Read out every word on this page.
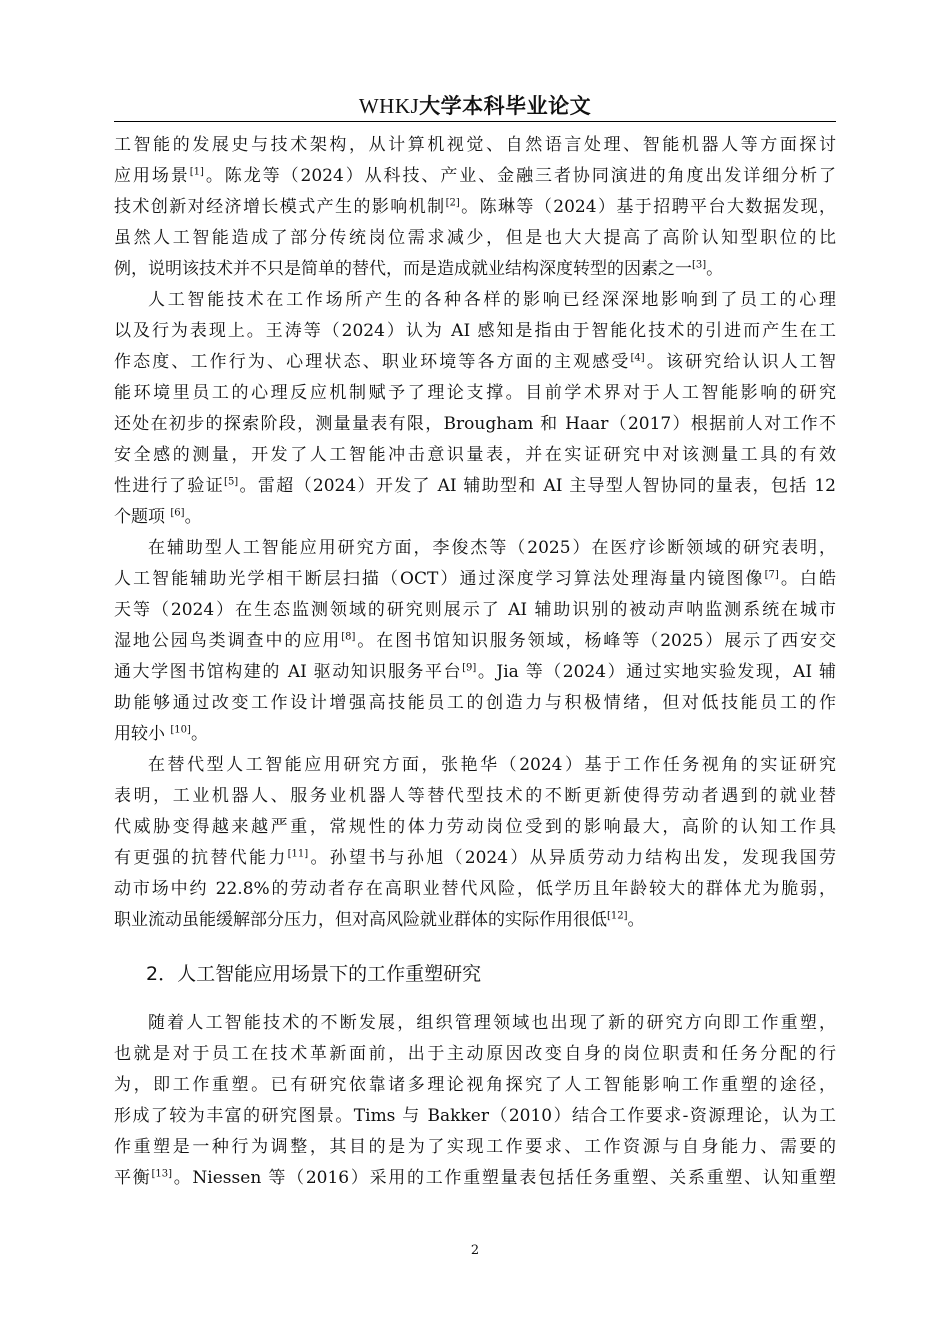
WHKJ大学本科毕业论文

工智能的发展史与技术架构，从计算机视觉、自然语言处理、智能机器人等方面探讨
应用场景[1]。陈龙等（2024）从科技、产业、金融三者协同演进的角度出发详细分析了
技术创新对经济增长模式产生的影响机制[2]。陈琳等（2024）基于招聘平台大数据发现，
虽然人工智能造成了部分传统岗位需求减少，但是也大大提高了高阶认知型职位的比
例，说明该技术并不只是简单的替代，而是造成就业结构深度转型的因素之一[3]。

人工智能技术在工作场所产生的各种各样的影响已经深深地影响到了员工的心理
以及行为表现上。王涛等（2024）认为 AI 感知是指由于智能化技术的引进而产生在工
作态度、工作行为、心理状态、职业环境等各方面的主观感受[4]。该研究给认识人工智
能环境里员工的心理反应机制赋予了理论支撑。目前学术界对于人工智能影响的研究
还处在初步的探索阶段，测量量表有限，Brougham 和 Haar（2017）根据前人对工作不
安全感的测量，开发了人工智能冲击意识量表，并在实证研究中对该测量工具的有效
性进行了验证[5]。雷超（2024）开发了 AI 辅助型和 AI 主导型人智协同的量表，包括 12
个题项 [6]。

在辅助型人工智能应用研究方面，李俊杰等（2025）在医疗诊断领域的研究表明，
人工智能辅助光学相干断层扫描（OCT）通过深度学习算法处理海量内镜图像[7]。白皓
天等（2024）在生态监测领域的研究则展示了 AI 辅助识别的被动声呐监测系统在城市
湿地公园鸟类调查中的应用[8]。在图书馆知识服务领域，杨峰等（2025）展示了西安交
通大学图书馆构建的 AI 驱动知识服务平台[9]。Jia 等（2024）通过实地实验发现，AI 辅
助能够通过改变工作设计增强高技能员工的创造力与积极情绪，但对低技能员工的作
用较小 [10]。

在替代型人工智能应用研究方面，张艳华（2024）基于工作任务视角的实证研究
表明，工业机器人、服务业机器人等替代型技术的不断更新使得劳动者遇到的就业替
代威胁变得越来越严重，常规性的体力劳动岗位受到的影响最大，高阶的认知工作具
有更强的抗替代能力[11]。孙望书与孙旭（2024）从异质劳动力结构出发，发现我国劳
动市场中约 22.8%的劳动者存在高职业替代风险，低学历且年龄较大的群体尤为脆弱，
职业流动虽能缓解部分压力，但对高风险就业群体的实际作用很低[12]。

2．人工智能应用场景下的工作重塑研究

随着人工智能技术的不断发展，组织管理领域也出现了新的研究方向即工作重塑，
也就是对于员工在技术革新面前，出于主动原因改变自身的岗位职责和任务分配的行
为，即工作重塑。已有研究依靠诸多理论视角探究了人工智能影响工作重塑的途径，
形成了较为丰富的研究图景。Tims 与 Bakker（2010）结合工作要求-资源理论，认为工
作重塑是一种行为调整，其目的是为了实现工作要求、工作资源与自身能力、需要的
平衡[13]。Niessen 等（2016）采用的工作重塑量表包括任务重塑、关系重塑、认知重塑

2
